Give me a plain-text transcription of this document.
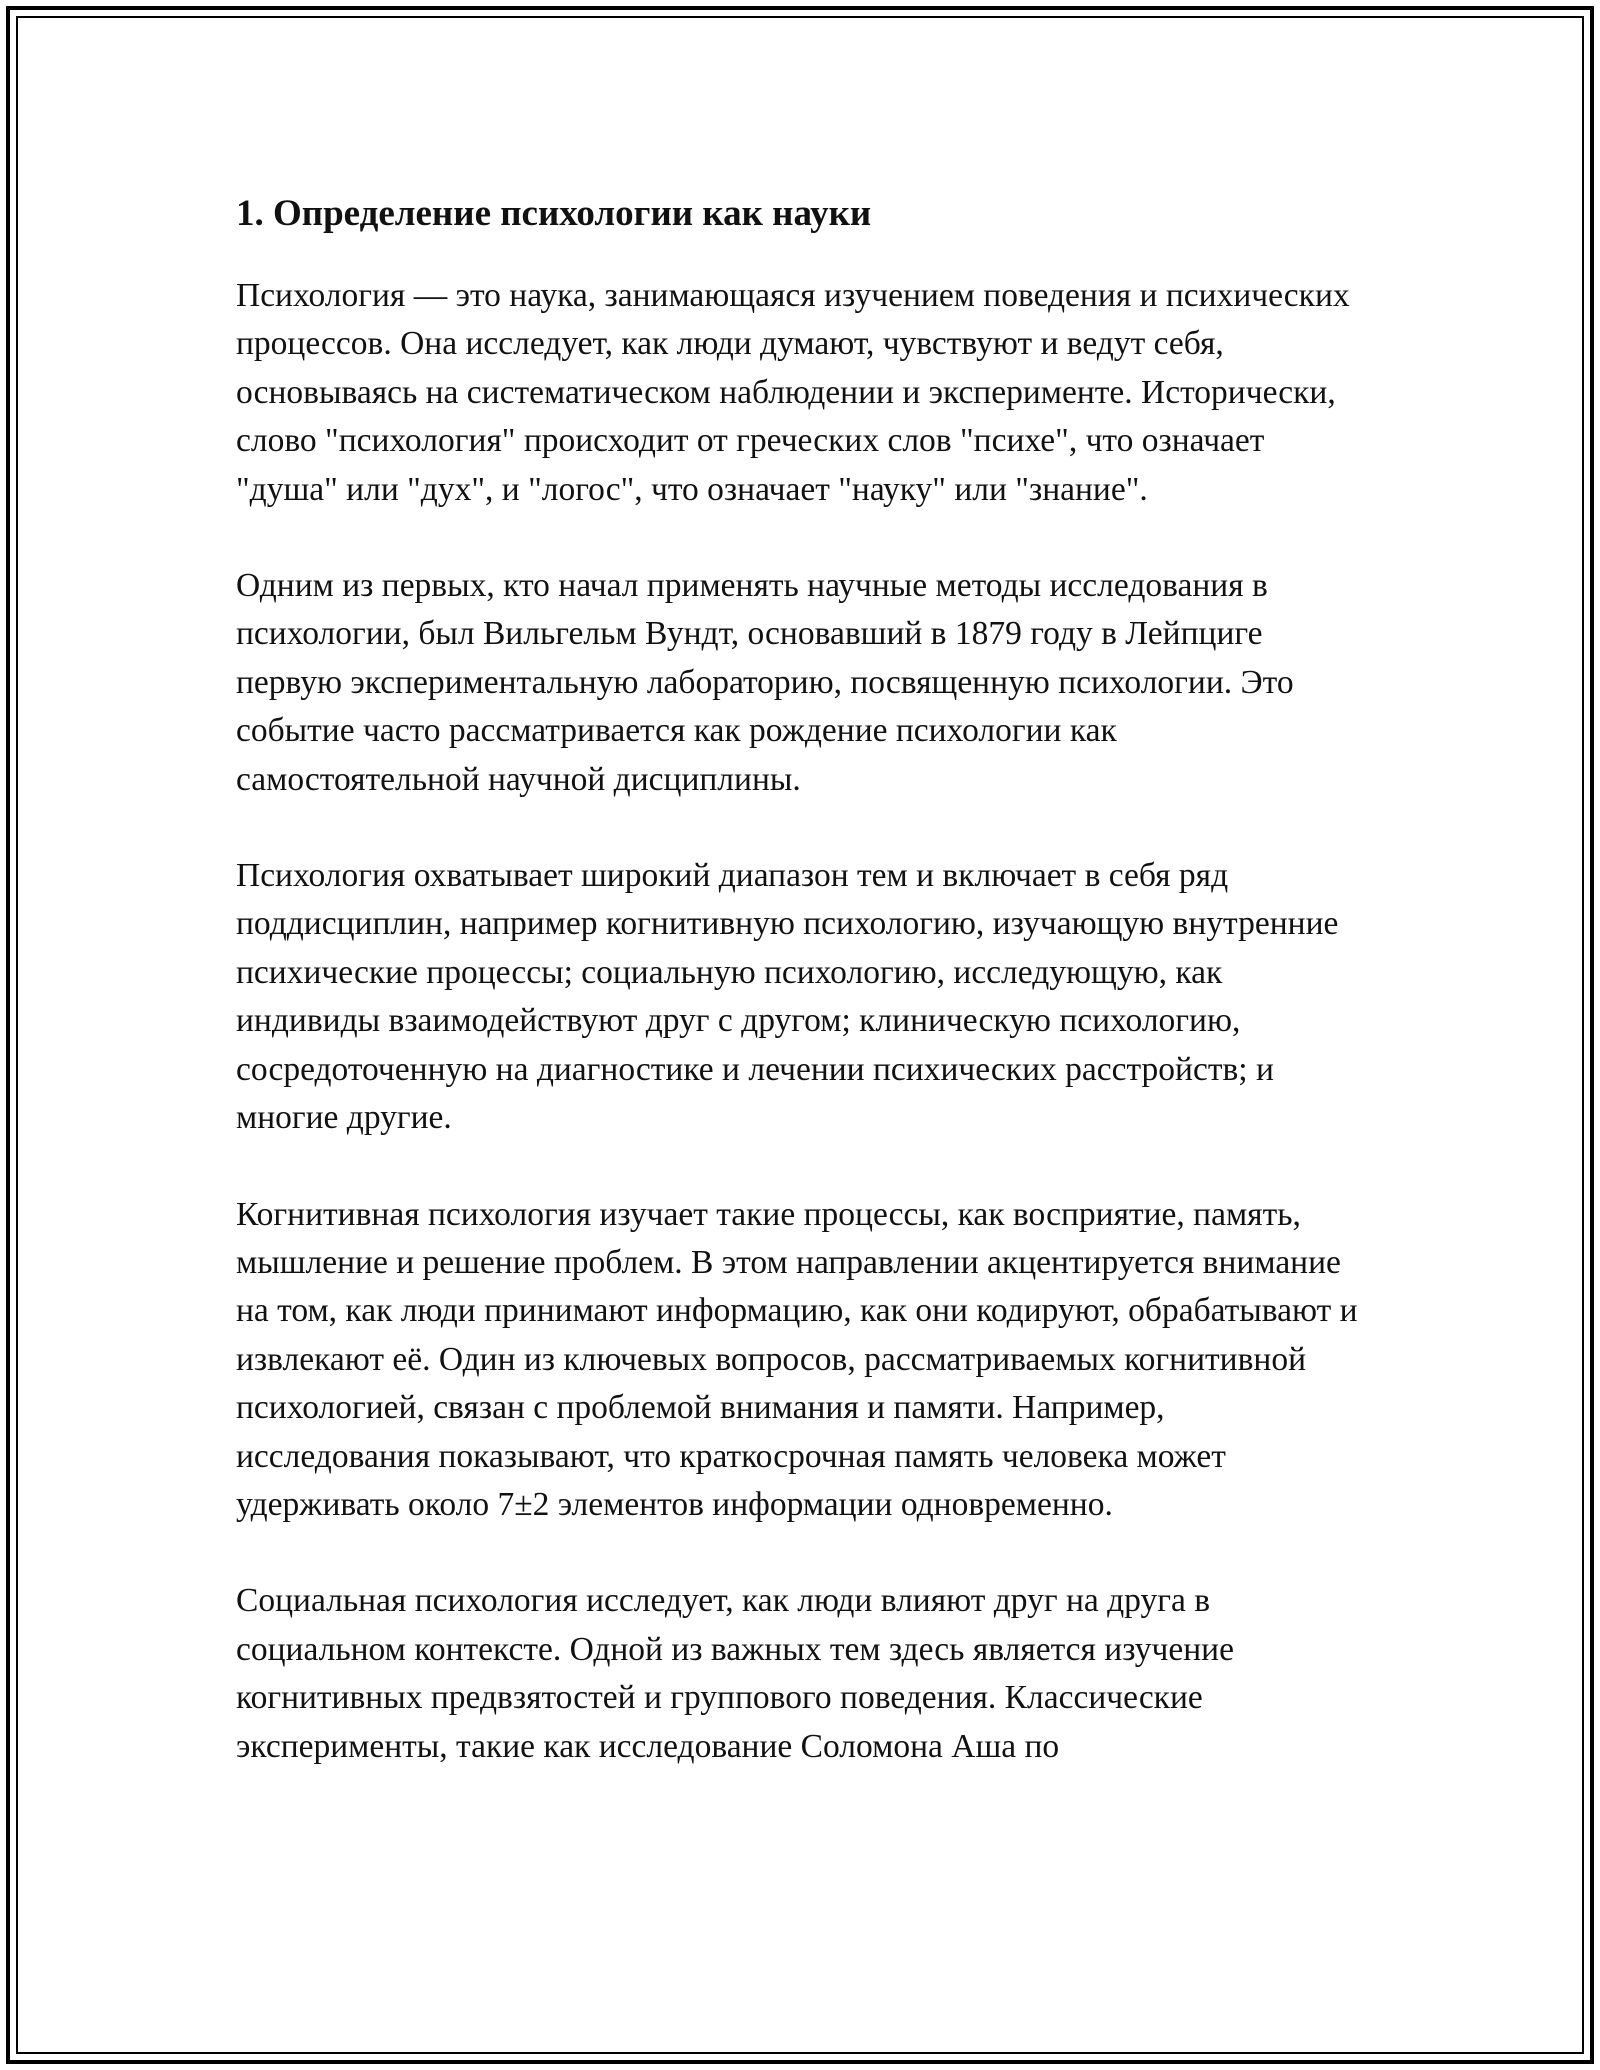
1. Определение психологии как науки

Психология — это наука, занимающаяся изучением поведения и психических процессов. Она исследует, как люди думают, чувствуют и ведут себя, основываясь на систематическом наблюдении и эксперименте. Исторически, слово "психология" происходит от греческих слов "психе", что означает "душа" или "дух", и "логос", что означает "науку" или "знание".

Одним из первых, кто начал применять научные методы исследования в психологии, был Вильгельм Вундт, основавший в 1879 году в Лейпциге первую экспериментальную лабораторию, посвященную психологии. Это событие часто рассматривается как рождение психологии как самостоятельной научной дисциплины.

Психология охватывает широкий диапазон тем и включает в себя ряд поддисциплин, например когнитивную психологию, изучающую внутренние психические процессы; социальную психологию, исследующую, как индивиды взаимодействуют друг с другом; клиническую психологию, сосредоточенную на диагностике и лечении психических расстройств; и многие другие.

Когнитивная психология изучает такие процессы, как восприятие, память, мышление и решение проблем. В этом направлении акцентируется внимание на том, как люди принимают информацию, как они кодируют, обрабатывают и извлекают её. Один из ключевых вопросов, рассматриваемых когнитивной психологией, связан с проблемой внимания и памяти. Например, исследования показывают, что краткосрочная память человека может удерживать около 7±2 элементов информации одновременно.

Социальная психология исследует, как люди влияют друг на друга в социальном контексте. Одной из важных тем здесь является изучение когнитивных предвзятостей и группового поведения. Классические эксперименты, такие как исследование Соломона Аша по
